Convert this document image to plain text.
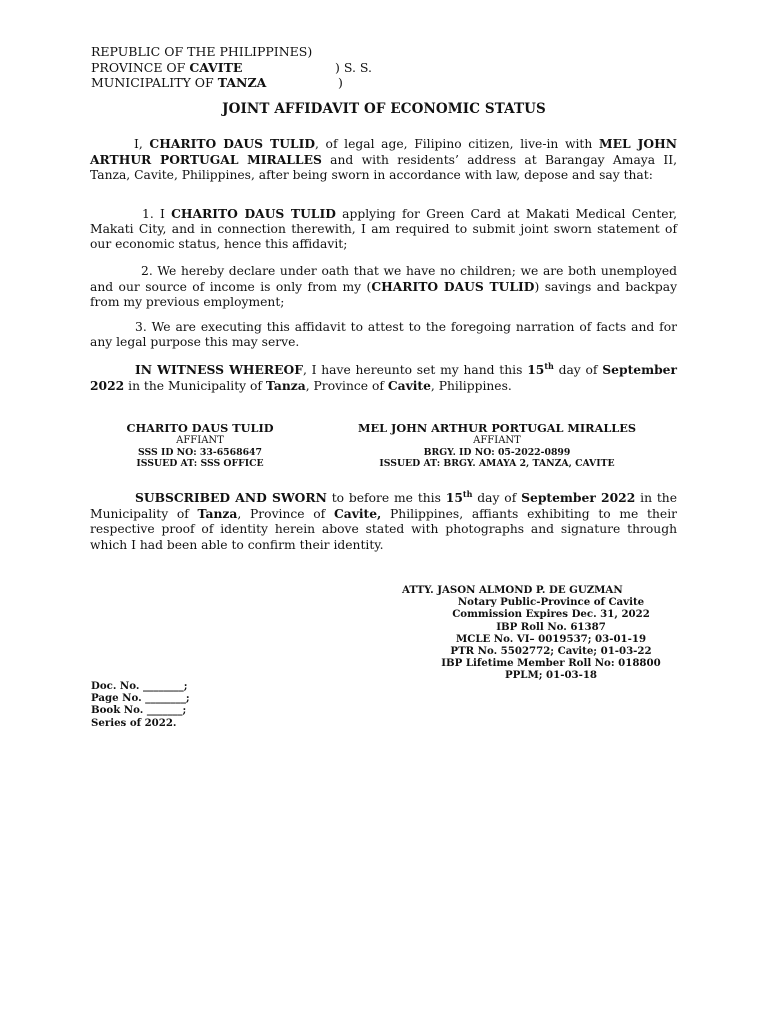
REPUBLIC OF THE PHILIPPINES)
PROVINCE OF CAVITE	) S. S.
MUNICIPALITY OF TANZA	)
JOINT AFFIDAVIT OF ECONOMIC STATUS

I, CHARITO DAUS TULID, of legal age, Filipino citizen, live-in with MEL JOHN ARTHUR PORTUGAL MIRALLES and with residents’ address at Barangay Amaya II, Tanza, Cavite, Philippines, after being sworn in accordance with law, depose and say that:

1. I CHARITO DAUS TULID applying for Green Card at Makati Medical Center, Makati City, and in connection therewith, I am required to submit joint sworn statement of our economic status, hence this affidavit;

2. We hereby declare under oath that we have no children; we are both unemployed and our source of income is only from my (CHARITO DAUS TULID) savings and backpay from my previous employment;

3. We are executing this affidavit to attest to the foregoing narration of facts and for any legal purpose this may serve.

IN WITNESS WHEREOF, I have hereunto set my hand this 15th day of September 2022 in the Municipality of Tanza, Province of Cavite, Philippines.

CHARITO DAUS TULID
AFFIANT
SSS ID NO: 33-6568647
ISSUED AT: SSS OFFICE
MEL JOHN ARTHUR PORTUGAL MIRALLES
AFFIANT
BRGY. ID NO: 05-2022-0899
ISSUED AT: BRGY. AMAYA 2, TANZA, CAVITE

SUBSCRIBED AND SWORN to before me this 15th day of September 2022 in the Municipality of Tanza, Province of Cavite, Philippines, affiants exhibiting to me their respective proof of identity herein above stated with photographs and signature through which I had been able to confirm their identity.

ATTY. JASON ALMOND P. DE GUZMAN
Notary Public-Province of Cavite
Commission Expires Dec. 31, 2022
IBP Roll No. 61387
MCLE No. VI– 0019537; 03-01-19
PTR No. 5502772; Cavite; 01-03-22
IBP Lifetime Member Roll No: 018800
PPLM; 01-03-18
Doc. No. ________;
Page No. ________;
Book No. _______;
Series of 2022.
